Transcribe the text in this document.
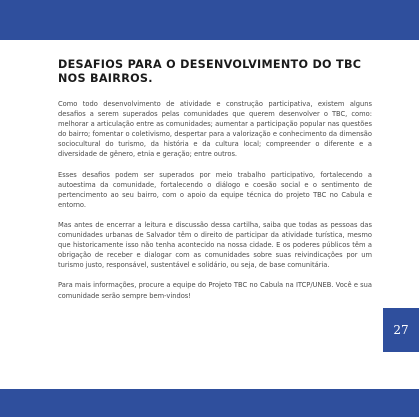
DESAFIOS PARA O DESENVOLVIMENTO DO TBC NOS BAIRROS.

Como todo desenvolvimento de atividade e construção participativa, existem alguns desafios a serem superados pelas comunidades que querem desenvolver o TBC, como: melhorar a articulação entre as comunidades; aumentar a participação popular nas questões do bairro; fomentar o coletivismo, despertar para a valorização e conhecimento da dimensão sociocultural do turismo, da história e da cultura local; compreender o diferente e a diversidade de gênero, etnia e geração; entre outros.

Esses desafios podem ser superados por meio trabalho participativo, fortalecendo a autoestima da comunidade, fortalecendo o diálogo e coesão social e o sentimento de pertencimento ao seu bairro, com o apoio da equipe técnica do projeto TBC no Cabula e entorno.

Mas antes de encerrar a leitura e discussão dessa cartilha, saiba que todas as pessoas das comunidades urbanas de Salvador têm o direito de participar da atividade turística, mesmo que historicamente isso não tenha acontecido na nossa cidade. E os poderes públicos têm a obrigação de receber e dialogar com as comunidades sobre suas reivindicações por um turismo justo, responsável, sustentável e solidário, ou seja, de base comunitária.

Para mais informações, procure a equipe do Projeto TBC no Cabula na ITCP/UNEB. Você e sua comunidade serão sempre bem-vindos!

27
